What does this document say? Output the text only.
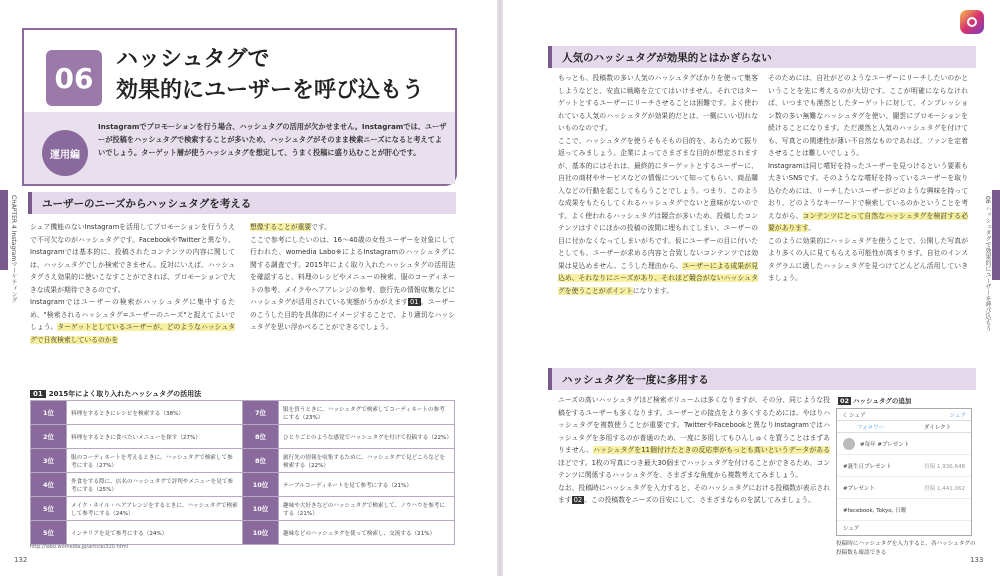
06
ハッシュタグで
効果的にユーザーを呼び込もう
運用編
Instagramでプロモーションを行う場合、ハッシュタグの活用が欠かせません。Instagramでは、ユーザーが投稿をハッシュタグで検索することが多いため、ハッシュタグがそのまま検索ニーズになると考えてよいでしょう。ターゲット層が使うハッシュタグを想定して、うまく投稿に盛り込むことが肝心です。
CHAPTER 4 Instagramマーケティング	ユーザーのニーズからハッシュタグを考える

シェア機能のないInstagramを活用してプロモーションを行ううえで不可欠なのがハッシュタグです。FacebookやTwitterと異なり、Instagramでは基本的に、投稿されたコンテンツの内容に関しては、ハッシュタグでしか検索できません。反対にいえば、ハッシュタグさえ効果的に使いこなすことができれば、プロモーションで大きな成果が期待できるのです。

Instagramではユーザーの検索がハッシュタグに集中するため、"検索されるハッシュタグ=ユーザーのニーズ"と捉えてよいでしょう。ターゲットとしているユーザーが、どのようなハッシュタグで日夜検索しているのかを

想像することが重要です。

ここで参考にしたいのは、16〜40歳の女性ユーザーを対象にして行われた、womedia Labo※によるInstagramのハッシュタグに関する調査です。2015年によく取り入れたハッシュタグの活用法を確認すると、料理のレシピやメニューの検索、服のコーディネートの参考、メイクやヘアアレンジの参考、旅行先の情報収集などにハッシュタグが活用されている実態がうかがえます 01 。ユーザーのこうした目的を具体的にイメージすることで、より適切なハッシュタグを思い浮かべることができるでしょう。

01 2015年によく取り入れたハッシュタグの活用法
1位	料理をするときにレシピを検索する（38%）	7位	服を買うときに、ハッシュタグで検索してコーディネートの参考にする（23%）
2位	料理をするときに食べたいメニューを探す（27%）	8位	ひとりごとのような感覚でハッシュタグを付けて投稿する（22%）
3位	服のコーディネートを考えるときに、ハッシュタグで検索して参考にする（27%）	8位	旅行先の情報を収集するために、ハッシュタグで見どころなどを検索する（22%）
4位	外食をする際に、店名のハッシュタグで評判やメニューを見て参考にする（25%）	10位	テーブルコーディネートを見て参考にする（21%）
5位	メイク・ネイル・ヘアアレンジをするときに、ハッシュタグで検索して参考にする（24%）	10位	趣味や大好きなどのハッシュタグで検索して、ノウハウを参考にする（21%）
5位	インテリアを見て参考にする（24%）	10位	趣味などのハッシュタグを使って検索し、交流する（21%）
http://labo.womedia.jp/article/320.html
132
人気のハッシュタグが効果的とはかぎらない

もっとも、投稿数の多い人気のハッシュタグばかりを使って集客しようなどと、安直に戦略を立ててはいけません。それではターゲットとするユーザーにリーチさせることは困難です。よく使われている人気のハッシュタグが効果的だとは、一概にいい切れないものなのです。

ここで、ハッシュタグを使うそもそもの目的を、あらためて振り返ってみましょう。企業によってさまざまな目的が想定されますが、基本的にはそれは、最終的にターゲットとするユーザーに、自社の商材やサービスなどの情報について知ってもらい、商品購入などの行動を起こしてもらうことでしょう。つまり、このような成果をもたらしてくれるハッシュタグでないと意味がないのです。よく使われるハッシュタグは競合が多いため、投稿したコンテンツはすぐにほかの投稿の波間に埋もれてしまい、ユーザーの目に付かなくなってしまいがちです。仮にユーザーの目に付いたとしても、ユーザーが求める内容と合致しないコンテンツでは効果は見込めません。こうした理由から、ユーザーによる成果が見込め、それなりにニーズがあり、それほど競合がないハッシュタグを使うことがポイントになります。

そのためには、自社がどのようなユーザーにリーチしたいのかということを先に考えるのが大切です。ここが明確にならなければ、いつまでも漠然としたターゲットに対して、インプレッション数の多い無難なハッシュタグを使い、闇雲にプロモーションを続けることになります。ただ漠然と人気のハッシュタグを付けても、写真との関連性が薄い不自然なものであれば、ファンを定着させることは難しいでしょう。

Instagramは同じ嗜好を持ったユーザーを見つけるという要素も大きいSNSです。そのようなな嗜好を持っているユーザーを取り込むためには、リーチしたいユーザーがどのような興味を持っており、どのようなキーワードで検索しているのかということを考えながら、コンテンツにとって自然なハッシュタグを検討する必要があります。

このように効果的にハッシュタグを使うことで、公開した写真がより多くの人に見てもらえる可能性が高まります。自社のインスタグラムに適したハッシュタグを見つけてどんどん活用していきましょう。

ハッシュタグを一度に多用する

ニーズの高いハッシュタグほど検索ボリュームは多くなりますが、その分、同じような投稿をするユーザーも多くなります。ユーザーとの接点をより多くするためには、やはりハッシュタグを複数使うことが重要です。TwitterやFacebookと異なりInstagramではハッシュタグを多用するのが普通のため、一度に多用してもひんしゅくを買うことはまずありません。ハッシュタグを11個付けたときの反応率がもっとも高いというデータがあるほどです。1枚の写真につき最大30個までハッシュタグを付けることができるため、コンテンツに関係するハッシュタグを、さまざまな角度から複数考えてみましょう。

なお、投稿時にハッシュタグを入力すると、そのハッシュタグにおける投稿数が表示されます 02 。この投稿数をニーズの目安にして、さまざまなものを試してみましょう。

133
06 ハッシュタグで効果的にユーザーを呼び込もう
02 ハッシュタグの追加
く シェア	シェア
フォロワー	ダイレクト
#毎年 #プレゼント
#誕生日プレゼント	投稿 1,936,648
#プレゼント	投稿 1,441,062
#facebook, Tokyo, 日曜
シェア
投稿時にハッシュタグを入力すると、各ハッシュタグの投稿数も確認できる
